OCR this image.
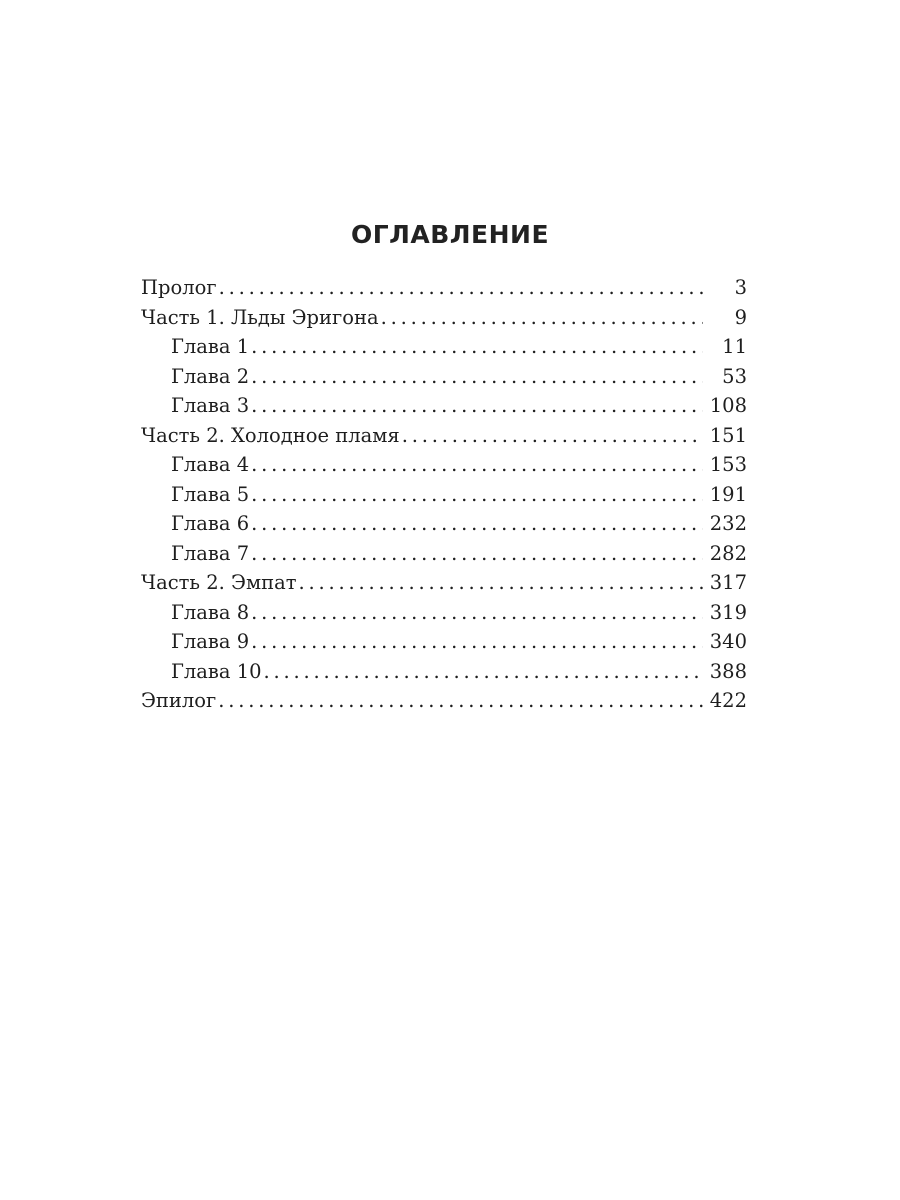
ОГЛАВЛЕНИЕ
Пролог . . .	3
Часть 1. Льды Эригона . . .	9
Глава 1 . . .	11
Глава 2 . . .	53
Глава 3 . . .	108
Часть 2. Холодное пламя . . .	151
Глава 4 . . .	153
Глава 5 . . .	191
Глава 6 . . .	232
Глава 7 . . .	282
Часть 2. Эмпат . . .	317
Глава 8 . . .	319
Глава 9 . . .	340
Глава 10 . . .	388
Эпилог . . .	422
